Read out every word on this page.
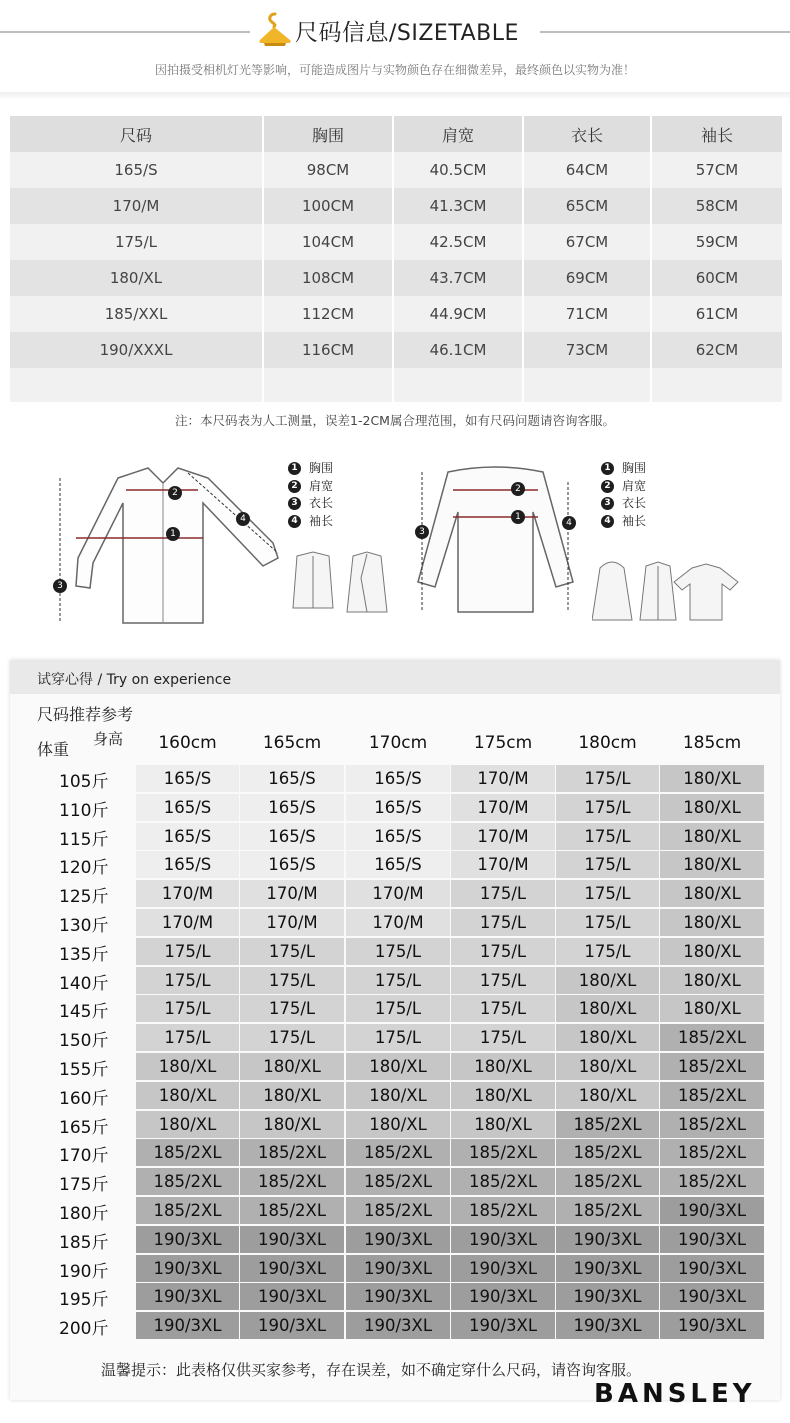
尺码信息/SIZETABLE
因拍摄受相机灯光等影响，可能造成图片与实物颜色存在细微差异，最终颜色以实物为准！
尺码	胸围	肩宽	衣长	袖长
165/S	98CM	40.5CM	64CM	57CM
170/M	100CM	41.3CM	65CM	58CM
175/L	104CM	42.5CM	67CM	59CM
180/XL	108CM	43.7CM	69CM	60CM
185/XXL	112CM	44.9CM	71CM	61CM
190/XXXL	116CM	46.1CM	73CM	62CM

注：本尺码表为人工测量，误差1-2CM属合理范围，如有尺码问题请咨询客服。
1
2
3
4
1 胸围
2 肩宽
3 衣长
4 袖长
2
1
3
4
1 胸围
2 肩宽
3 衣长
4 袖长
试穿心得 / Try on experience
尺码推荐参考
身高
体重	160cm	165cm	170cm	175cm	180cm	185cm
105斤	165/S	165/S	165/S	170/M	175/L	180/XL
110斤	165/S	165/S	165/S	170/M	175/L	180/XL
115斤	165/S	165/S	165/S	170/M	175/L	180/XL
120斤	165/S	165/S	165/S	170/M	175/L	180/XL
125斤	170/M	170/M	170/M	175/L	175/L	180/XL
130斤	170/M	170/M	170/M	175/L	175/L	180/XL
135斤	175/L	175/L	175/L	175/L	175/L	180/XL
140斤	175/L	175/L	175/L	175/L	180/XL	180/XL
145斤	175/L	175/L	175/L	175/L	180/XL	180/XL
150斤	175/L	175/L	175/L	175/L	180/XL	185/2XL
155斤	180/XL	180/XL	180/XL	180/XL	180/XL	185/2XL
160斤	180/XL	180/XL	180/XL	180/XL	180/XL	185/2XL
165斤	180/XL	180/XL	180/XL	180/XL	185/2XL	185/2XL
170斤	185/2XL	185/2XL	185/2XL	185/2XL	185/2XL	185/2XL
175斤	185/2XL	185/2XL	185/2XL	185/2XL	185/2XL	185/2XL
180斤	185/2XL	185/2XL	185/2XL	185/2XL	185/2XL	190/3XL
185斤	190/3XL	190/3XL	190/3XL	190/3XL	190/3XL	190/3XL
190斤	190/3XL	190/3XL	190/3XL	190/3XL	190/3XL	190/3XL
195斤	190/3XL	190/3XL	190/3XL	190/3XL	190/3XL	190/3XL
200斤	190/3XL	190/3XL	190/3XL	190/3XL	190/3XL	190/3XL
温馨提示：此表格仅供买家参考，存在误差，如不确定穿什么尺码，请咨询客服。
BANSLEY
